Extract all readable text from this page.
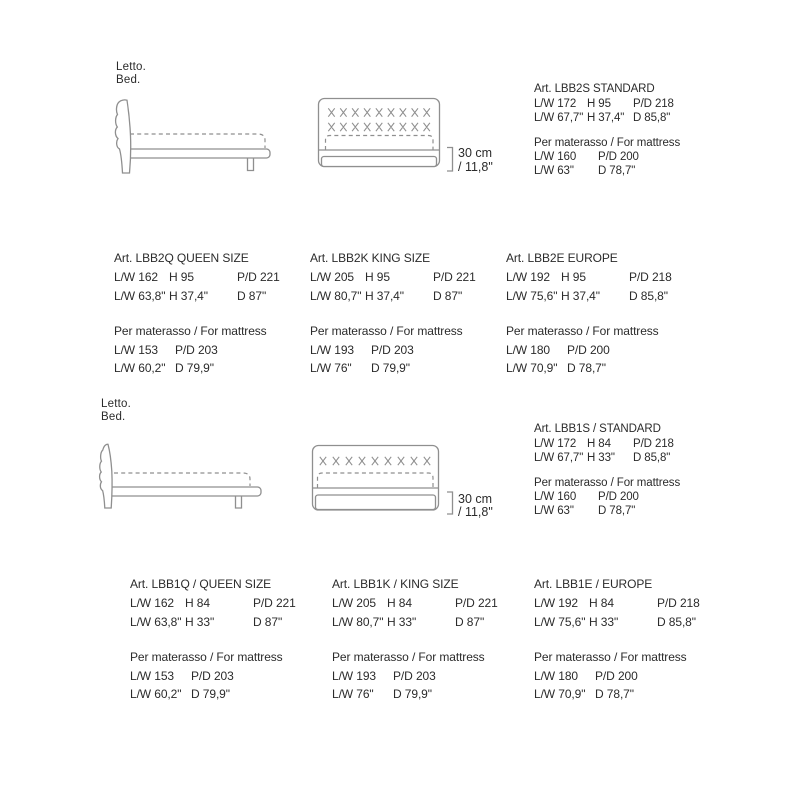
Letto.
Bed.
30 cm
/ 11,8"
Art. LBB2S STANDARD
L/W 172 H 95 P/D 218
L/W 67,7" H 37,4" D 85,8"
Per materasso / For mattress
L/W 160 P/D 200
L/W 63" D 78,7"
Art. LBB2Q QUEEN SIZE
L/W 162 H 95	P/D 221
L/W 63,8" H 37,4" D 87"
Per materasso / For mattress
L/W 153 P/D 203
L/W 60,2" D 79,9"
Art. LBB2K KING SIZE
L/W 205 H 95	P/D 221
L/W 80,7" H 37,4" D 87"
Per materasso / For mattress
L/W 193 P/D 203
L/W 76" D 79,9"
Art. LBB2E EUROPE
L/W 192 H 95	P/D 218
L/W 75,6" H 37,4" D 85,8"
Per materasso / For mattress
L/W 180 P/D 200
L/W 70,9" D 78,7"
Letto.
Bed.
30 cm
/ 11,8"
Art. LBB1S / STANDARD
L/W 172 H 84 P/D 218
L/W 67,7" H 33" D 85,8"
Per materasso / For mattress
L/W 160 P/D 200
L/W 63" D 78,7"
Art. LBB1Q / QUEEN SIZE
L/W 162 H 84	P/D 221
L/W 63,8" H 33"	D 87"
Per materasso / For mattress
L/W 153 P/D 203
L/W 60,2" D 79,9"
Art. LBB1K / KING SIZE
L/W 205 H 84	P/D 221
L/W 80,7" H 33"	D 87"
Per materasso / For mattress
L/W 193 P/D 203
L/W 76" D 79,9"
Art. LBB1E / EUROPE
L/W 192 H 84	P/D 218
L/W 75,6" H 33"	D 85,8"
Per materasso / For mattress
L/W 180 P/D 200
L/W 70,9" D 78,7"
